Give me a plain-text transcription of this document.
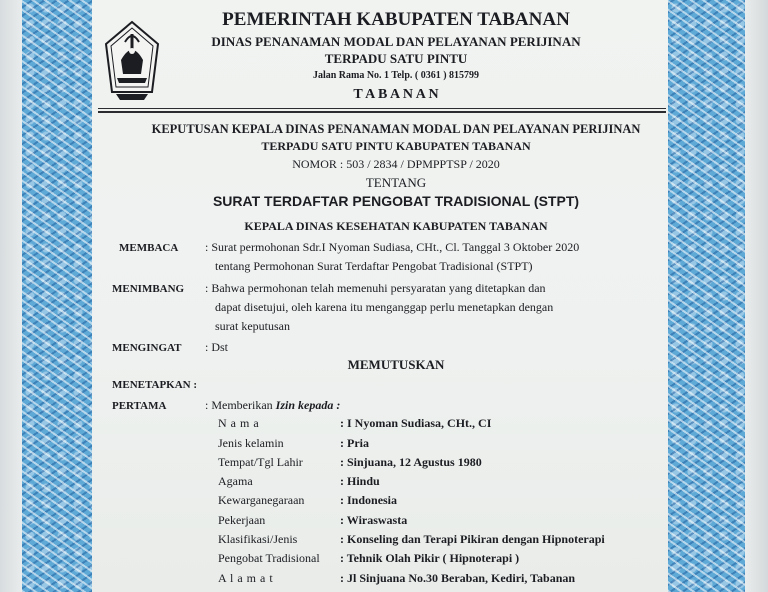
PEMERINTAH KABUPATEN TABANAN
DINAS PENANAMAN MODAL DAN PELAYANAN PERIJINAN
TERPADU SATU PINTU
Jalan Rama No. 1 Telp. ( 0361 ) 815799
T A B A N A N
KEPUTUSAN KEPALA DINAS PENANAMAN MODAL DAN PELAYANAN PERIJINAN
TERPADU SATU PINTU KABUPATEN TABANAN
NOMOR : 503 / 2834 / DPMPPTSP / 2020
TENTANG
SURAT TERDAFTAR PENGOBAT TRADISIONAL (STPT)
KEPALA DINAS KESEHATAN KABUPATEN TABANAN
MEMBACA : Surat permohonan Sdr.I Nyoman Sudiasa, CHt., Cl. Tanggal 3 Oktober 2020
tentang Permohonan Surat Terdaftar Pengobat Tradisional (STPT)
MENIMBANG : Bahwa permohonan telah memenuhi persyaratan yang ditetapkan dan
dapat disetujui, oleh karena itu menganggap perlu menetapkan dengan
surat keputusan
MENGINGAT : Dst
MEMUTUSKAN
MENETAPKAN :
PERTAMA	: Memberikan Izin kepada :
N a m a	: I Nyoman Sudiasa, CHt., CI
Jenis kelamin	: Pria
Tempat/Tgl Lahir	: Sinjuana, 12 Agustus 1980
Agama	: Hindu
Kewarganegaraan	: Indonesia
Pekerjaan	: Wiraswasta
Klasifikasi/Jenis	: Konseling dan Terapi Pikiran dengan Hipnoterapi
Pengobat Tradisional : Tehnik Olah Pikir ( Hipnoterapi )
A l a m a t	: Jl Sinjuana No.30 Beraban, Kediri, Tabanan
